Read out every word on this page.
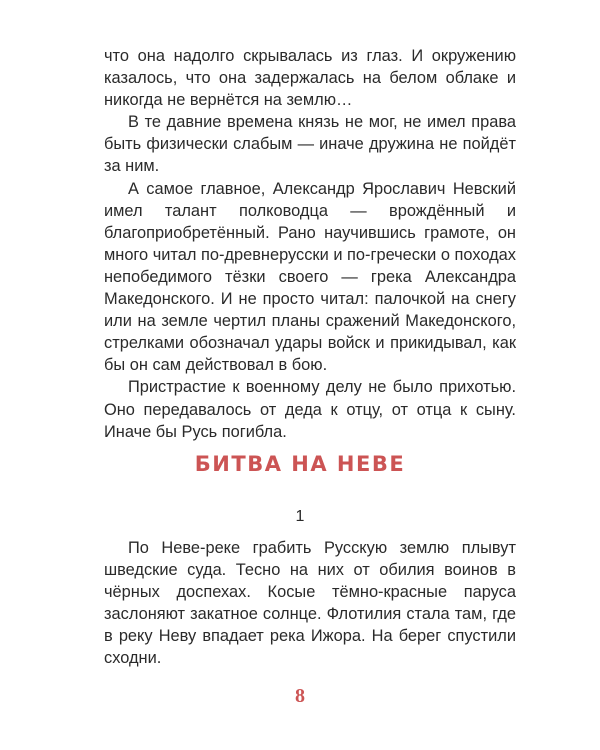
что она надолго скрывалась из глаз. И окружению казалось, что она задержалась на белом облаке и никогда не вернётся на землю…

В те давние времена князь не мог, не имел права быть физически слабым — иначе дружина не пойдёт за ним.

А самое главное, Александр Ярославич Невский имел талант полководца — врождённый и благоприобретённый. Рано научившись грамоте, он много читал по-древнерусски и по-гречески о походах непобедимого тёзки своего — грека Александра Македонского. И не просто читал: палочкой на снегу или на земле чертил планы сражений Македонского, стрелками обозначал удары войск и прикидывал, как бы он сам действовал в бою.

Пристрастие к военному делу не было прихотью. Оно передавалось от деда к отцу, от отца к сыну. Иначе бы Русь погибла.

БИТВА НА НЕВЕ
1

По Неве-реке грабить Русскую землю плывут шведские суда. Тесно на них от обилия воинов в чёрных доспехах. Косые тёмно-красные паруса заслоняют закатное солнце. Флотилия стала там, где в реку Неву впадает река Ижора. На берег спустили сходни.

8
